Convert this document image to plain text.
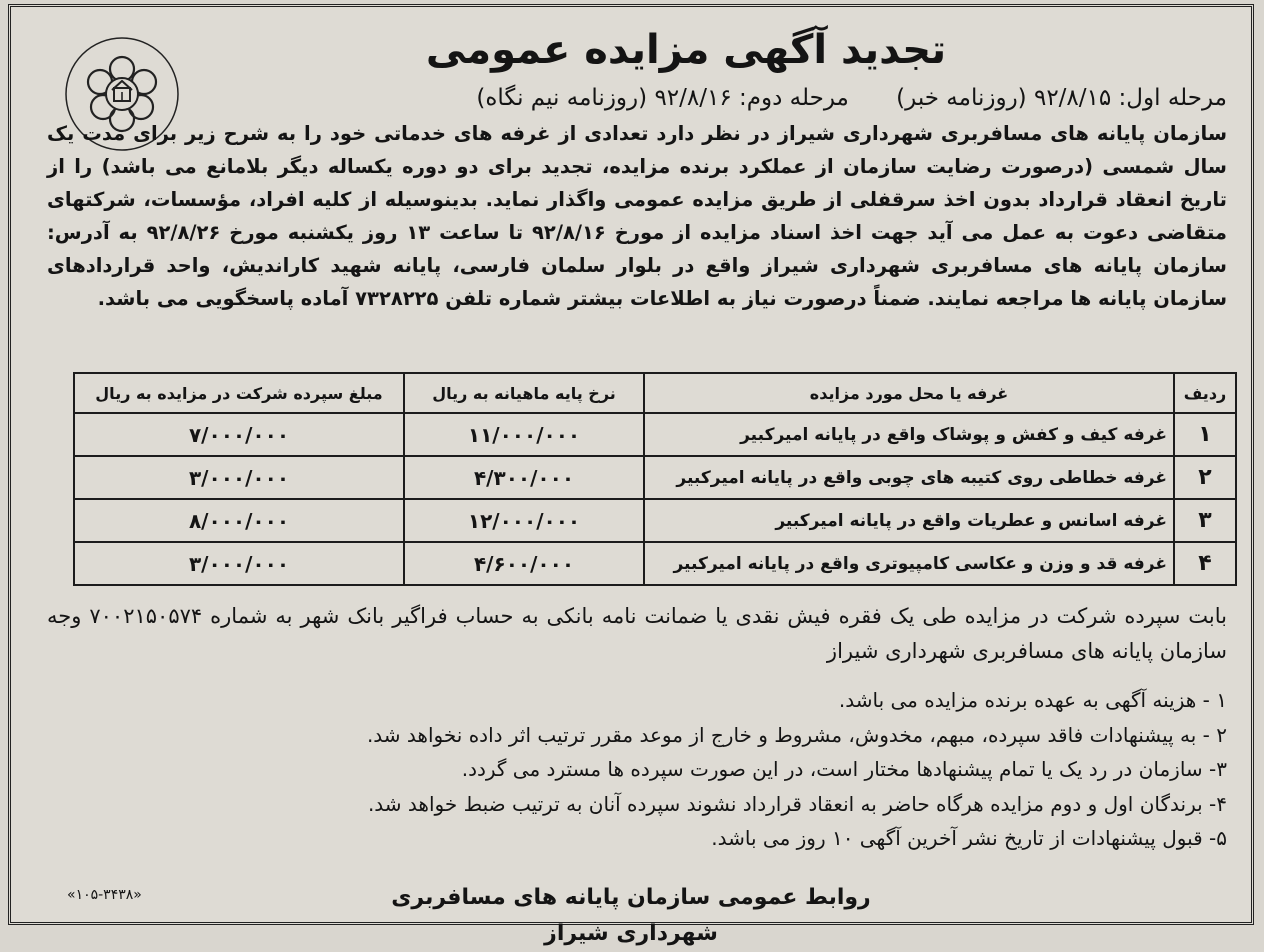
تجدید آگهی مزایده عمومی
مرحله اول: ۹۲/۸/۱۵ (روزنامه خبر) مرحله دوم: ۹۲/۸/۱۶ (روزنامه نیم نگاه)
سازمان پایانه های مسافربری شهرداری شیراز در نظر دارد تعدادی از غرفه های خدماتی خود را به شرح زیر برای مدت یک سال شمسی (درصورت رضایت سازمان از عملکرد برنده مزایده، تجدید برای دو دوره یکساله دیگر بلامانع می باشد) را از تاریخ انعقاد قرارداد بدون اخذ سرقفلی از طریق مزایده عمومی واگذار نماید. بدینوسیله از کلیه افراد، مؤسسات، شرکتهای متقاضی دعوت به عمل می آید جهت اخذ اسناد مزایده از مورخ ۹۲/۸/۱۶ تا ساعت ۱۳ روز یکشنبه مورخ ۹۲/۸/۲۶ به آدرس: سازمان پایانه های مسافربری شهرداری شیراز واقع در بلوار سلمان فارسی، پایانه شهید کاراندیش، واحد قراردادهای سازمان پایانه ها مراجعه نمایند. ضمناً درصورت نیاز به اطلاعات بیشتر شماره تلفن ۷۳۲۸۲۲۵ آماده پاسخگویی می باشد.
ردیف	غرفه یا محل مورد مزایده	نرخ پایه ماهیانه به ریال	مبلغ سپرده شرکت در مزایده به ریال
۱	غرفه کیف و کفش و پوشاک واقع در پایانه امیرکبیر	۱۱/۰۰۰/۰۰۰	۷/۰۰۰/۰۰۰
۲	غرفه خطاطی روی کتیبه های چوبی واقع در پایانه امیرکبیر	۴/۳۰۰/۰۰۰	۳/۰۰۰/۰۰۰
۳	غرفه اسانس و عطریات واقع در پایانه امیرکبیر	۱۲/۰۰۰/۰۰۰	۸/۰۰۰/۰۰۰
۴	غرفه قد و وزن و عکاسی کامپیوتری واقع در پایانه امیرکبیر	۴/۶۰۰/۰۰۰	۳/۰۰۰/۰۰۰
بابت سپرده شرکت در مزایده طی یک فقره فیش نقدی یا ضمانت نامه بانکی به حساب فراگیر بانک شهر به شماره ۷۰۰۲۱۵۰۵۷۴ وجه سازمان پایانه های مسافربری شهرداری شیراز
۱ - هزینه آگهی به عهده برنده مزایده می باشد.
۲ - به پیشنهادات فاقد سپرده، مبهم، مخدوش، مشروط و خارج از موعد مقرر ترتیب اثر داده نخواهد شد.
۳- سازمان در رد یک یا تمام پیشنهادها مختار است، در این صورت سپرده ها مسترد می گردد.
۴- برندگان اول و دوم مزایده هرگاه حاضر به انعقاد قرارداد نشوند سپرده آنان به ترتیب ضبط خواهد شد.
۵- قبول پیشنهادات از تاریخ نشر آخرین آگهی ۱۰ روز می باشد.
روابط عمومی سازمان پایانه های مسافربری شهرداری شیراز
«۱۰۵-۳۴۳۸»
